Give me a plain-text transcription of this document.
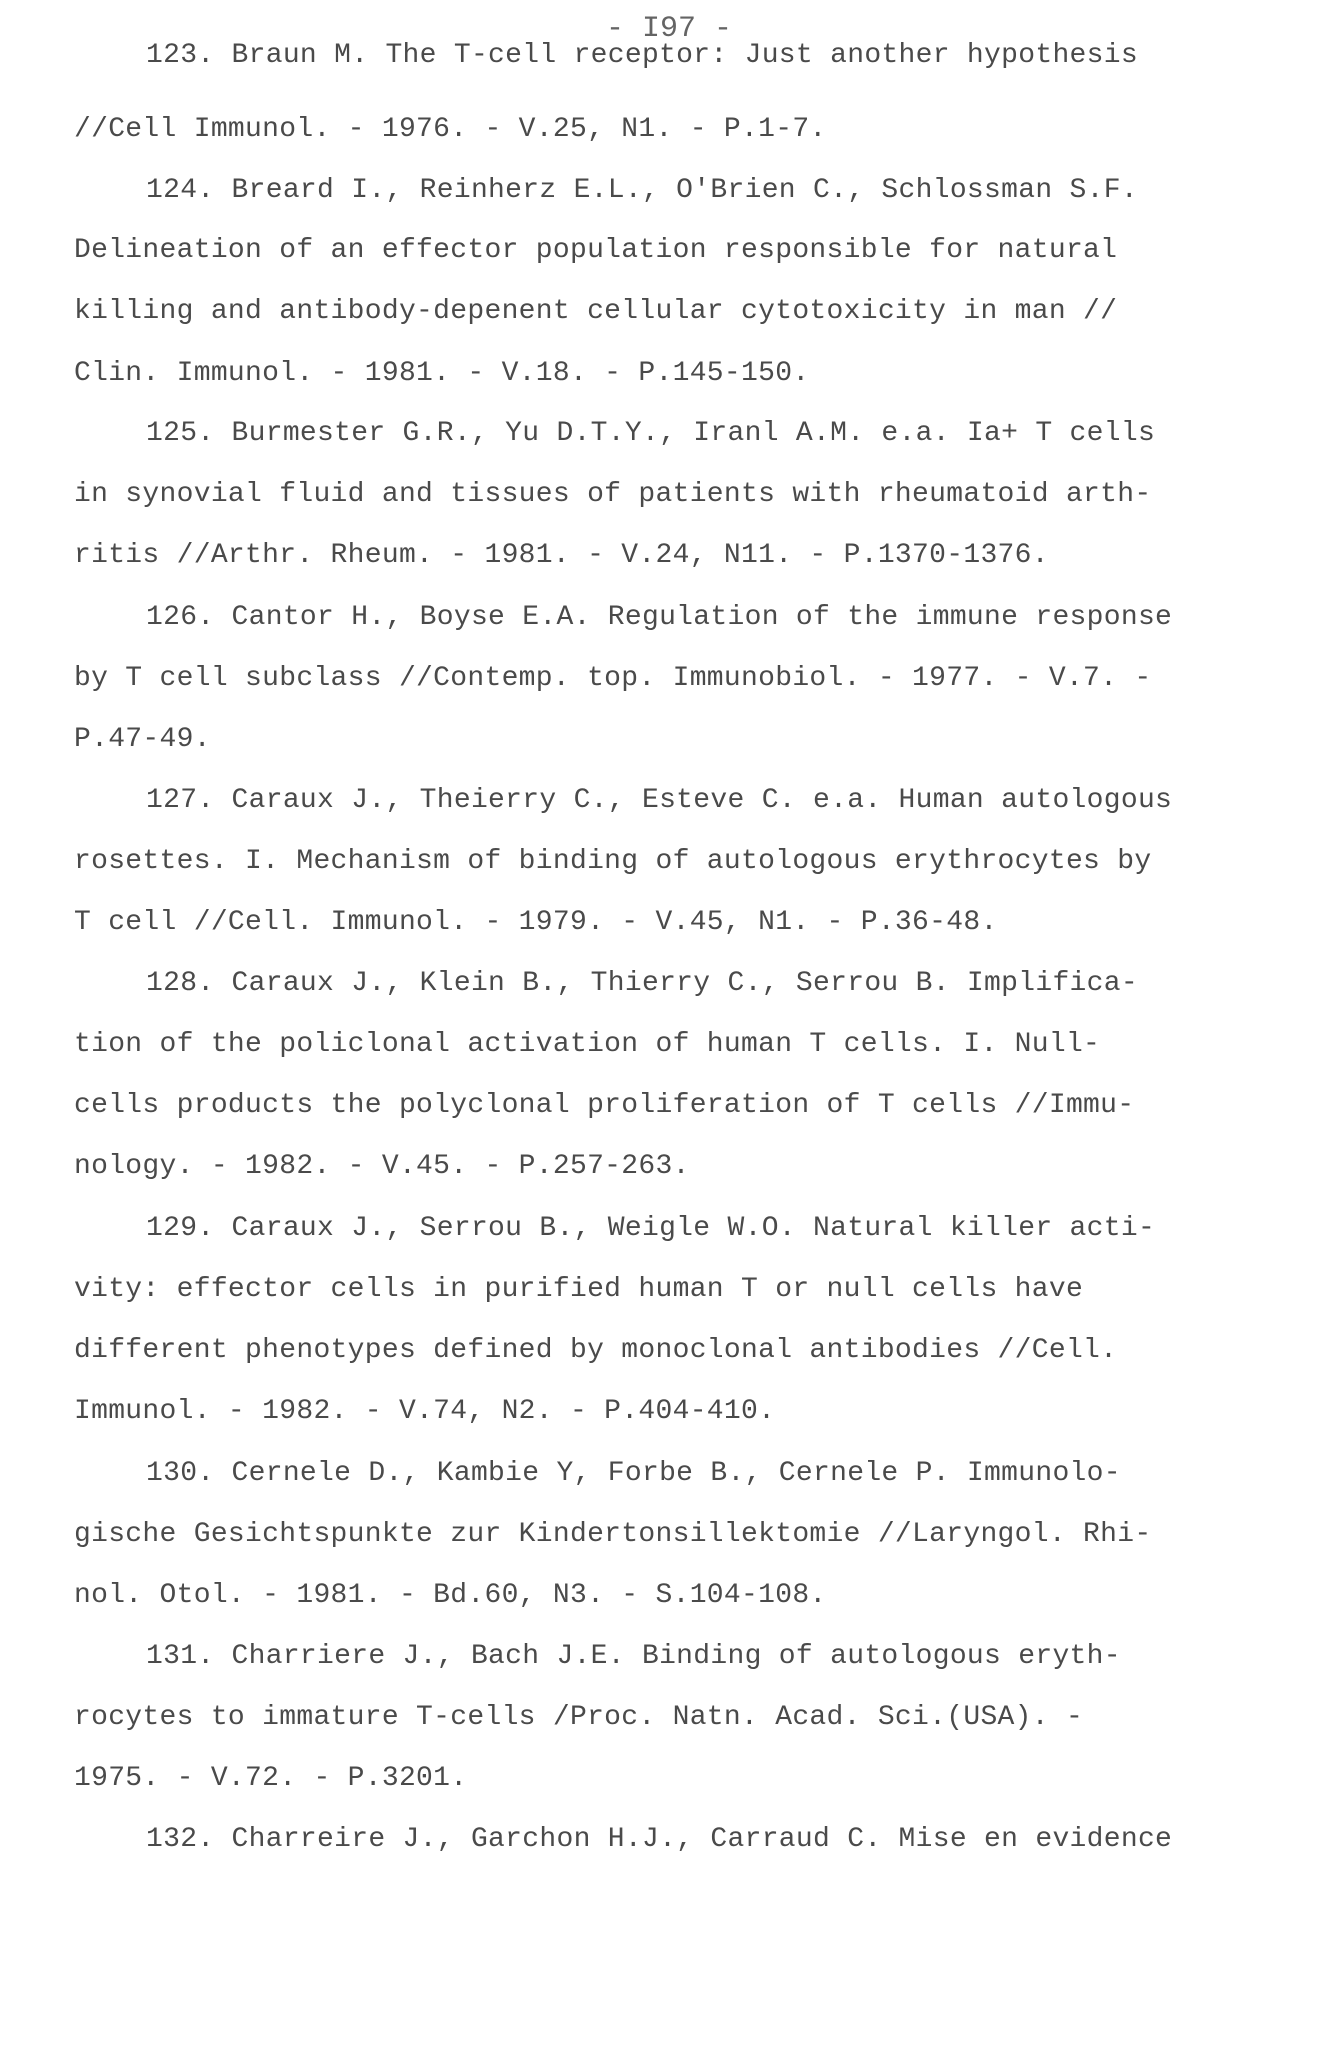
- I97 -

123. Braun M. The T-cell receptor: Just another hypothesis

//Cell Immunol. - 1976. - V.25, N1. - P.1-7.

124. Breard I., Reinherz E.L., O'Brien C., Schlossman S.F.

Delineation of an effector population responsible for natural

killing and antibody-depenent cellular cytotoxicity in man //

Clin. Immunol. - 1981. - V.18. - P.145-150.

125. Burmester G.R., Yu D.T.Y., Iranl A.M. e.a. Ia+ T cells

in synovial fluid and tissues of patients with rheumatoid arth-

ritis //Arthr. Rheum. - 1981. - V.24, N11. - P.1370-1376.

126. Cantor H., Boyse E.A. Regulation of the immune response

by T cell subclass //Contemp. top. Immunobiol. - 1977. - V.7. -

P.47-49.

127. Caraux J., Theierry C., Esteve C. e.a. Human autologous

rosettes. I. Mechanism of binding of autologous erythrocytes by

T cell //Cell. Immunol. - 1979. - V.45, N1. - P.36-48.

128. Caraux J., Klein B., Thierry C., Serrou B. Implifica-

tion of the policlonal activation of human T cells. I. Null-

cells products the polyclonal proliferation of T cells //Immu-

nology. - 1982. - V.45. - P.257-263.

129. Caraux J., Serrou B., Weigle W.O. Natural killer acti-

vity: effector cells in purified human T or null cells have

different phenotypes defined by monoclonal antibodies //Cell.

Immunol. - 1982. - V.74, N2. - P.404-410.

130. Cernele D., Kambie Y, Forbe B., Cernele P. Immunolo-

gische Gesichtspunkte zur Kindertonsillektomie //Laryngol. Rhi-

nol. Otol. - 1981. - Bd.60, N3. - S.104-108.

131. Charriere J., Bach J.E. Binding of autologous eryth-

rocytes to immature T-cells /Proc. Natn. Acad. Sci.(USA). -

1975. - V.72. - P.3201.

132. Charreire J., Garchon H.J., Carraud C. Mise en evidence
